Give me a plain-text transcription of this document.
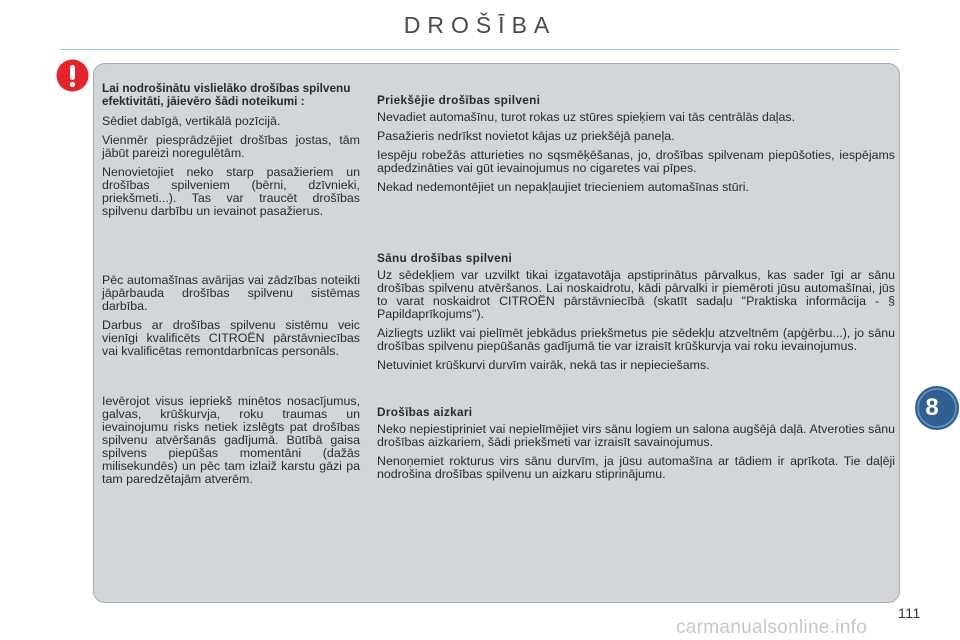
DROŠĪBA

Lai nodrošinātu vislielāko drošības spilvenu efektivitāti, jāievēro šādi noteikumi :

Sēdiet dabīgā, vertikālā pozīcijā.

Vienmēr piesprādzējiet drošības jostas, tām jābūt pareizi noregulētām.

Nenovietojiet neko starp pasažieriem un drošības spilveniem (bērni, dzīvnieki, priekšmeti...). Tas var traucēt drošības spilvenu darbību un ievainot pasažierus.

Pēc automašīnas avārijas vai zādzības noteikti jāpārbauda drošības spilvenu sistēmas darbība.

Darbus ar drošības spilvenu sistēmu veic vienīgi kvalificēts CITROËN pārstāvniecības vai kvalificētas remontdarbnīcas personāls.

Ievērojot visus iepriekš minētos nosacījumus, galvas, krūškurvja, roku traumas un ievainojumu risks netiek izslēgts pat drošības spilvenu atvēršanās gadījumā. Būtībā gaisa spilvens piepūšas momentāni (dažās milisekundēs) un pēc tam izlaiž karstu gāzi pa tam paredzētajām atverēm.

Priekšējie drošības spilveni

Nevadiet automašīnu, turot rokas uz stūres spieķiem vai tās centrālās daļas.

Pasažieris nedrīkst novietot kājas uz priekšējā paneļa.

Iespēju robežās atturieties no sqsmēķēšanas, jo, drošības spilvenam piepūšoties, iespējams apdedzināties vai gūt ievainojumus no cigaretes vai pīpes.

Nekad nedemontējiet un nepakļaujiet triecieniem automašīnas stūri.

Sānu drošības spilveni

Uz sēdekļiem var uzvilkt tikai izgatavotāja apstiprinātus pārvalkus, kas sader īgi ar sānu drošības spilvenu atvēršanos. Lai noskaidrotu, kādi pārvalki ir piemēroti jūsu automašīnai, jūs to varat noskaidrot CITROËN pārstāvniecībā (skatīt sadaļu "Praktiska informācija - § Papildaprīkojums").

Aizliegts uzlikt vai pielīmēt jebkādus priekšmetus pie sēdekļu atzveltnēm (apģērbu...), jo sānu drošības spilvenu piepūšanās gadījumā tie var izraisīt krūškurvja vai roku ievainojumus.

Netuviniet krūškurvi durvīm vairāk, nekā tas ir nepieciešams.

Drošības aizkari

Neko nepiestipriniet vai nepielīmējiet virs sānu logiem un salona augšējā daļā. Atveroties sānu drošības aizkariem, šādi priekšmeti var izraisīt savainojumus.

Nenoņemiet rokturus virs sānu durvīm, ja jūsu automašīna ar tādiem ir aprīkota. Tie daļēji nodrošina drošības spilvenu un aizkaru stiprinājumu.

8
111
carmanualsonline.info
